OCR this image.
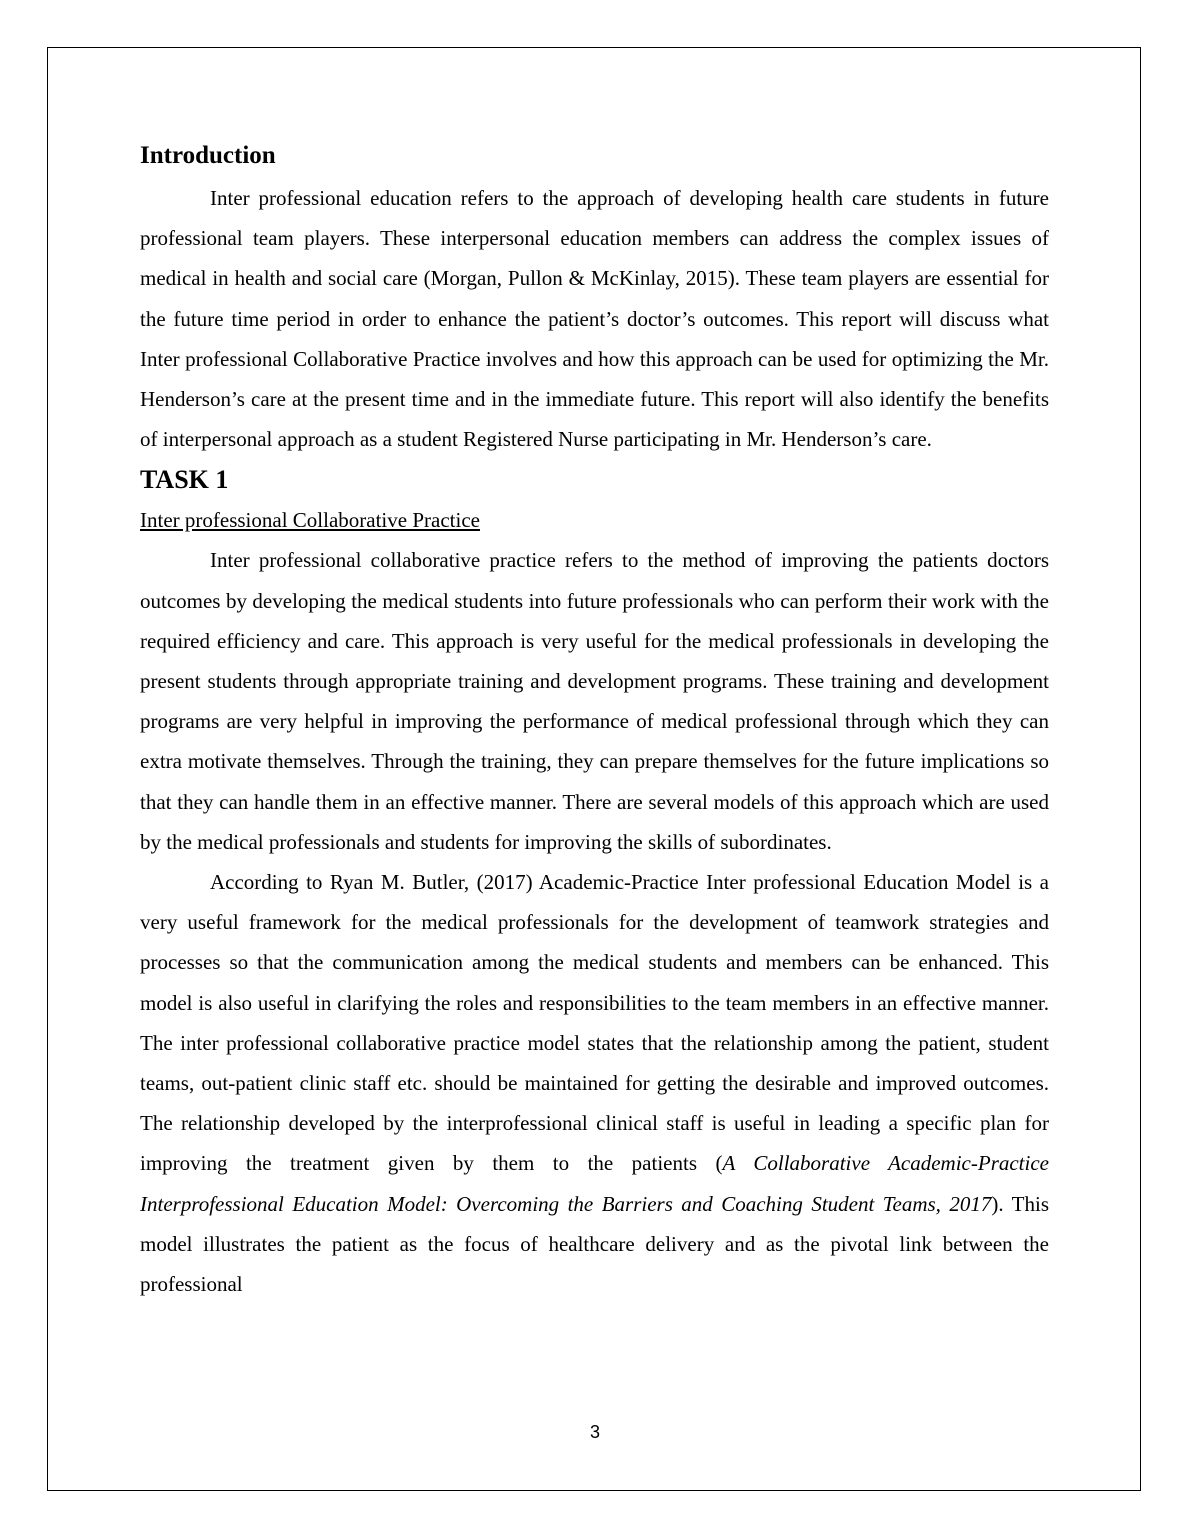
Introduction

Inter professional education refers to the approach of developing health care students in future professional team players. These interpersonal education members can address the complex issues of medical in health and social care (Morgan, Pullon & McKinlay, 2015). These team players are essential for the future time period in order to enhance the patient’s doctor’s outcomes. This report will discuss what Inter professional Collaborative Practice involves and how this approach can be used for optimizing the Mr. Henderson’s care at the present time and in the immediate future. This report will also identify the benefits of interpersonal approach as a student Registered Nurse participating in Mr. Henderson’s care.

TASK 1

Inter professional Collaborative Practice

Inter professional collaborative practice refers to the method of improving the patients doctors outcomes by developing the medical students into future professionals who can perform their work with the required efficiency and care. This approach is very useful for the medical professionals in developing the present students through appropriate training and development programs. These training and development programs are very helpful in improving the performance of medical professional through which they can extra motivate themselves. Through the training, they can prepare themselves for the future implications so that they can handle them in an effective manner. There are several models of this approach which are used by the medical professionals and students for improving the skills of subordinates.

According to Ryan M. Butler, (2017) Academic-Practice Inter professional Education Model is a very useful framework for the medical professionals for the development of teamwork strategies and processes so that the communication among the medical students and members can be enhanced. This model is also useful in clarifying the roles and responsibilities to the team members in an effective manner. The inter professional collaborative practice model states that the relationship among the patient, student teams, out-patient clinic staff etc. should be maintained for getting the desirable and improved outcomes. The relationship developed by the interprofessional clinical staff is useful in leading a specific plan for improving the treatment given by them to the patients (A Collaborative Academic-Practice Interprofessional Education Model: Overcoming the Barriers and Coaching Student Teams, 2017). This model illustrates the patient as the focus of healthcare delivery and as the pivotal link between the professional

3
